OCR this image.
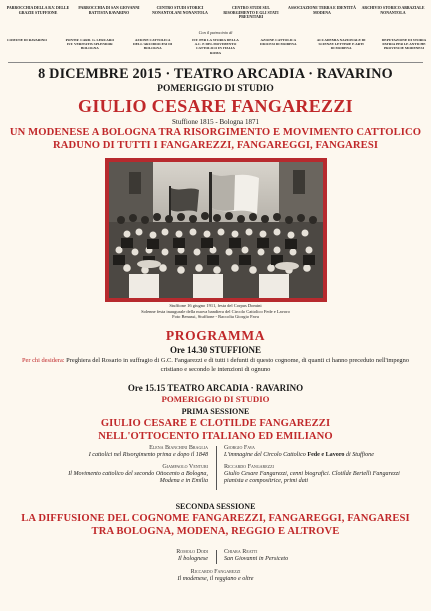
PARROCCHIA DELLA B.V. DELLE GRAZIE STUFFIONE
PARROCCHIA DI SAN GIOVANNI BATTISTA RAVARINO
CENTRO STUDI STORICI NONANTOLANI NONANTOLA
CENTRO STUDI SUL RISORGIMENTO E GLI STATI PREUNITARI
ASSOCIAZIONE TERRA E IDENTITÀ MODENA
ARCHIVIO STORICO ABBAZIALE NONANTOLA
Con il patrocinio di
COMUNE DI RAVARINO	PONTIF. CARD. G. LERCARO IST. VERITATIS SPLENDOR BOLOGNA
AZIONE CATTOLICA DELL'ARCIDIOCESI DI BOLOGNA
IST. PER LA STORIA DELLA A.C. E DEL MOVIMENTO CATTOLICO IN ITALIA ROMA
AZIONE CATTOLICA DIOCESI DI MODENA
ACCADEMIA NAZIONALE DI SCIENZE LETTERE E ARTI DI MODENA
DEPUTAZIONE DI STORIA PATRIA PER LE ANTICHE PROVINCIE MODENESI
8 DICEMBRE 2015 · TEATRO ARCADIA · RAVARINO
POMERIGGIO DI STUDIO
GIULIO CESARE FANGAREZZI
Stuffione 1815 - Bologna 1871
UN MODENESE A BOLOGNA TRA RISORGIMENTO E MOVIMENTO CATTOLICO
RADUNO DI TUTTI I FANGAREZZI, FANGAREGGI, FANGARESI
Stuffione 16 giugno 1911, festa del Corpus Domini
Solenne festa inaugurale della nuova bandiera del Circolo Cattolico Fede e Lavoro
Foto Benassi, Stuffione - Raccolta Giorgio Fava
PROGRAMMA
Ore 14.30 STUFFIONE
Per chi desidera: Preghiera del Rosario in suffragio di G.C. Fangarezzi e di tutti i defunti di questo cognome, di quanti ci hanno preceduto nell'impegno cristiano e secondo le intenzioni di ognuno
Ore 15.15 TEATRO ARCADIA · RAVARINO
POMERIGGIO DI STUDIO
PRIMA SESSIONE
GIULIO CESARE E CLOTILDE FANGAREZZI
NELL'OTTOCENTO ITALIANO ED EMILIANO
Elena Bianchini Braglia
I cattolici nel Risorgimento prima e dopo il 1848
Giorgio Fava
L'immagine del Circolo Cattolico Fede e Lavoro di Stuffione
Giampaolo Venturi
Il Movimento cattolico del secondo Ottocento a Bologna, Modena e in Emilia
Riccardo Fangarezzi
Giulio Cesare Fangarezzi, cenni biografici. Clotilde Bertelli Fangarezzi pianista e compositrice, primi dati
SECONDA SESSIONE
LA DIFFUSIONE DEL COGNOME FANGAREZZI, FANGAREGGI, FANGARESI
TRA BOLOGNA, MODENA, REGGIO E ALTROVE
Romolo Dodi
Il bolognese
Chiara Reatti
San Giovanni in Persiceto
Riccardo Fangarezzi
Il modenese, il reggiano e oltre
